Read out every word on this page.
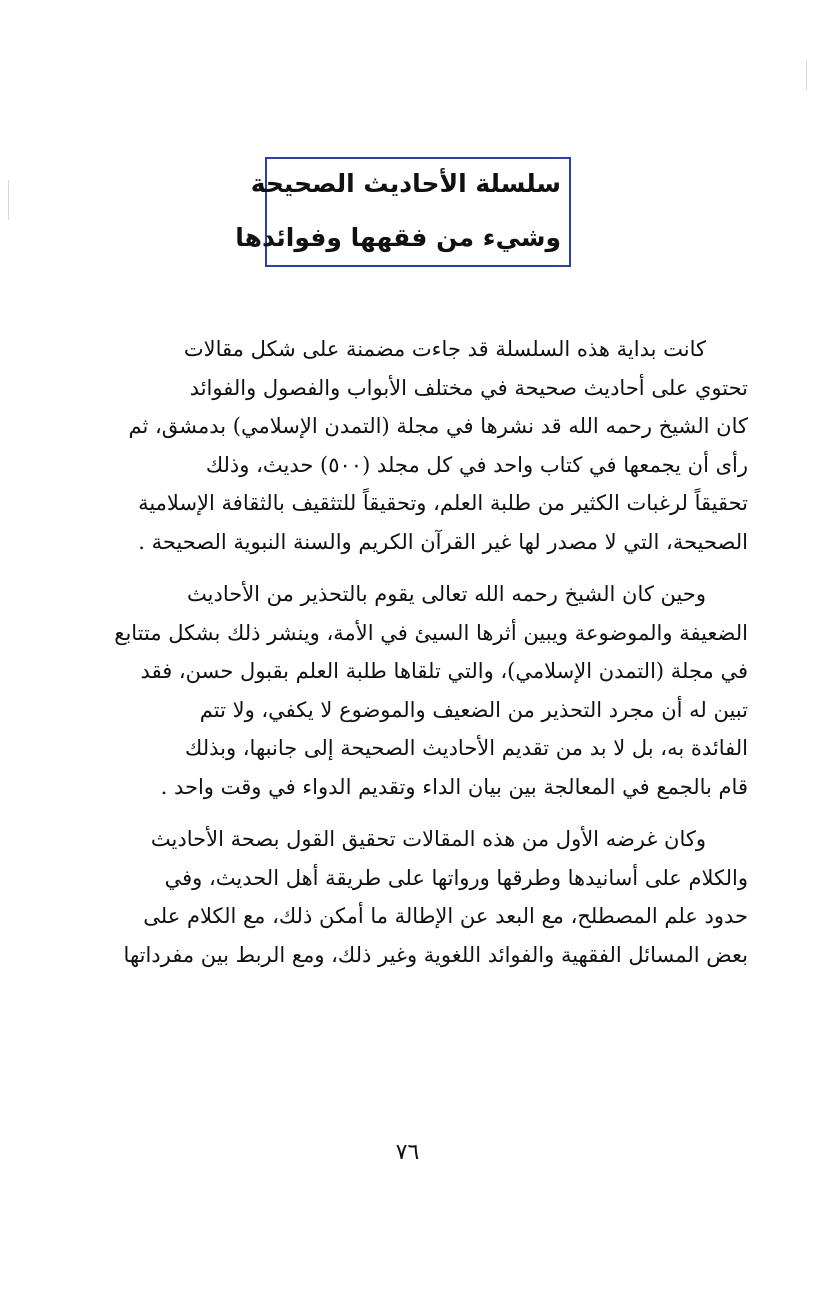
سلسلة الأحاديث الصحيحة
وشيء من فقهها وفوائدها

كانت بداية هذه السلسلة قد جاءت مضمنة على شكل مقالات
تحتوي على أحاديث صحيحة في مختلف الأبواب والفصول والفوائد
كان الشيخ رحمه الله قد نشرها في مجلة (التمدن الإسلامي) بدمشق، ثم
رأى أن يجمعها في كتاب واحد في كل مجلد (٥٠٠) حديث، وذلك
تحقيقاً لرغبات الكثير من طلبة العلم، وتحقيقاً للتثقيف بالثقافة الإسلامية
الصحيحة، التي لا مصدر لها غير القرآن الكريم والسنة النبوية الصحيحة .

وحين كان الشيخ رحمه الله تعالى يقوم بالتحذير من الأحاديث
الضعيفة والموضوعة ويبين أثرها السيئ في الأمة، وينشر ذلك بشكل متتابع
في مجلة (التمدن الإسلامي)، والتي تلقاها طلبة العلم بقبول حسن، فقد
تبين له أن مجرد التحذير من الضعيف والموضوع لا يكفي، ولا تتم
الفائدة به، بل لا بد من تقديم الأحاديث الصحيحة إلى جانبها، وبذلك
قام بالجمع في المعالجة بين بيان الداء وتقديم الدواء في وقت واحد .

وكان غرضه الأول من هذه المقالات تحقيق القول بصحة الأحاديث
والكلام على أسانيدها وطرقها ورواتها على طريقة أهل الحديث، وفي
حدود علم المصطلح، مع البعد عن الإطالة ما أمكن ذلك، مع الكلام على
بعض المسائل الفقهية والفوائد اللغوية وغير ذلك، ومع الربط بين مفرداتها

٧٦
